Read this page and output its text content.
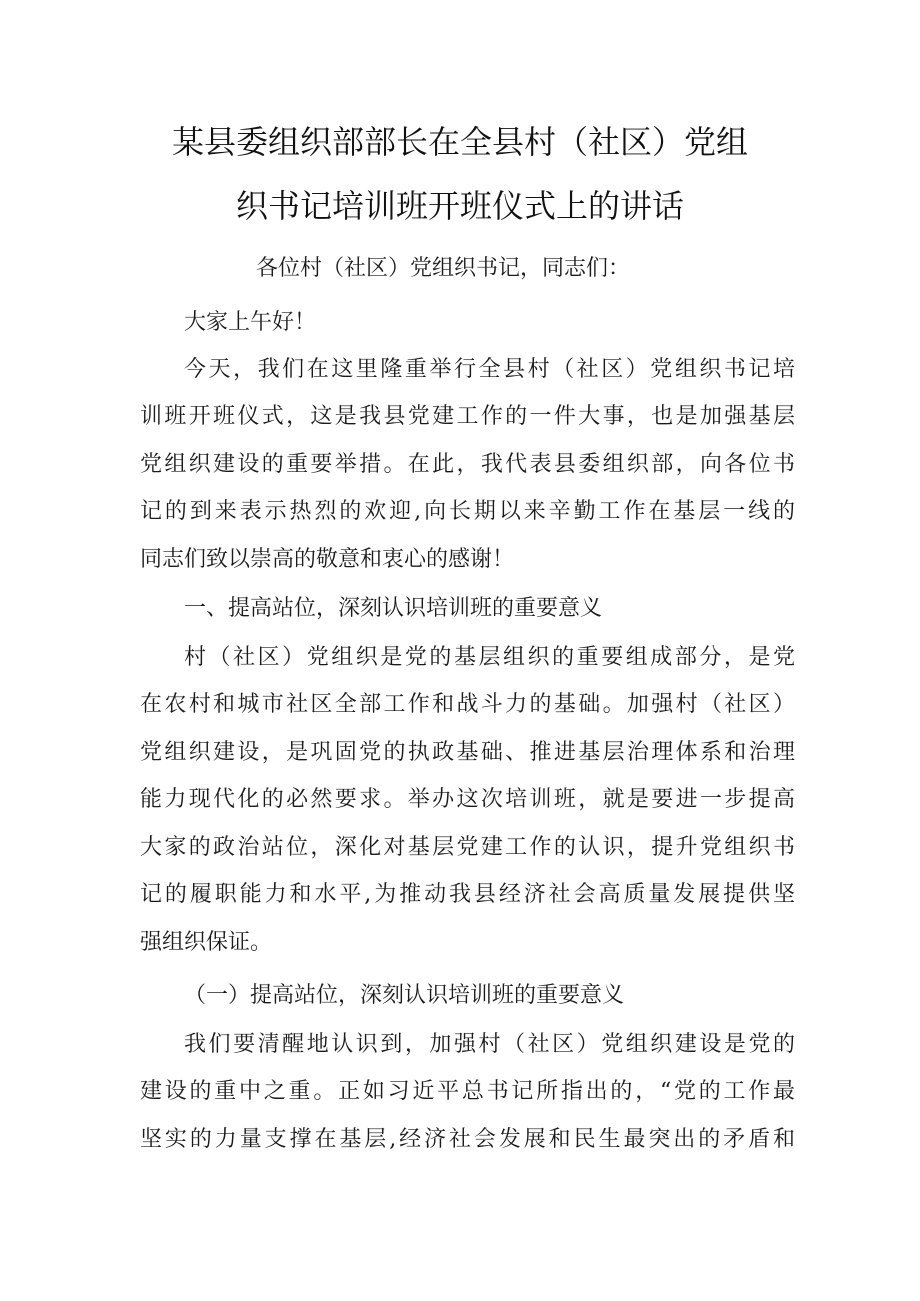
某县委组织部部长在全县村（社区）党组
织书记培训班开班仪式上的讲话
各位村（社区）党组织书记，同志们：
大家上午好！
今天，我们在这里隆重举行全县村（社区）党组织书记培
训班开班仪式，这是我县党建工作的一件大事，也是加强基层
党组织建设的重要举措。在此，我代表县委组织部，向各位书
记的到来表示热烈的欢迎,向长期以来辛勤工作在基层一线的
同志们致以崇高的敬意和衷心的感谢！
一、提高站位，深刻认识培训班的重要意义
村（社区）党组织是党的基层组织的重要组成部分，是党
在农村和城市社区全部工作和战斗力的基础。加强村（社区）
党组织建设，是巩固党的执政基础、推进基层治理体系和治理
能力现代化的必然要求。举办这次培训班，就是要进一步提高
大家的政治站位，深化对基层党建工作的认识，提升党组织书
记的履职能力和水平,为推动我县经济社会高质量发展提供坚
强组织保证。
（一）提高站位，深刻认识培训班的重要意义
我们要清醒地认识到，加强村（社区）党组织建设是党的
建设的重中之重。正如习近平总书记所指出的，“党的工作最
坚实的力量支撑在基层,经济社会发展和民生最突出的矛盾和
